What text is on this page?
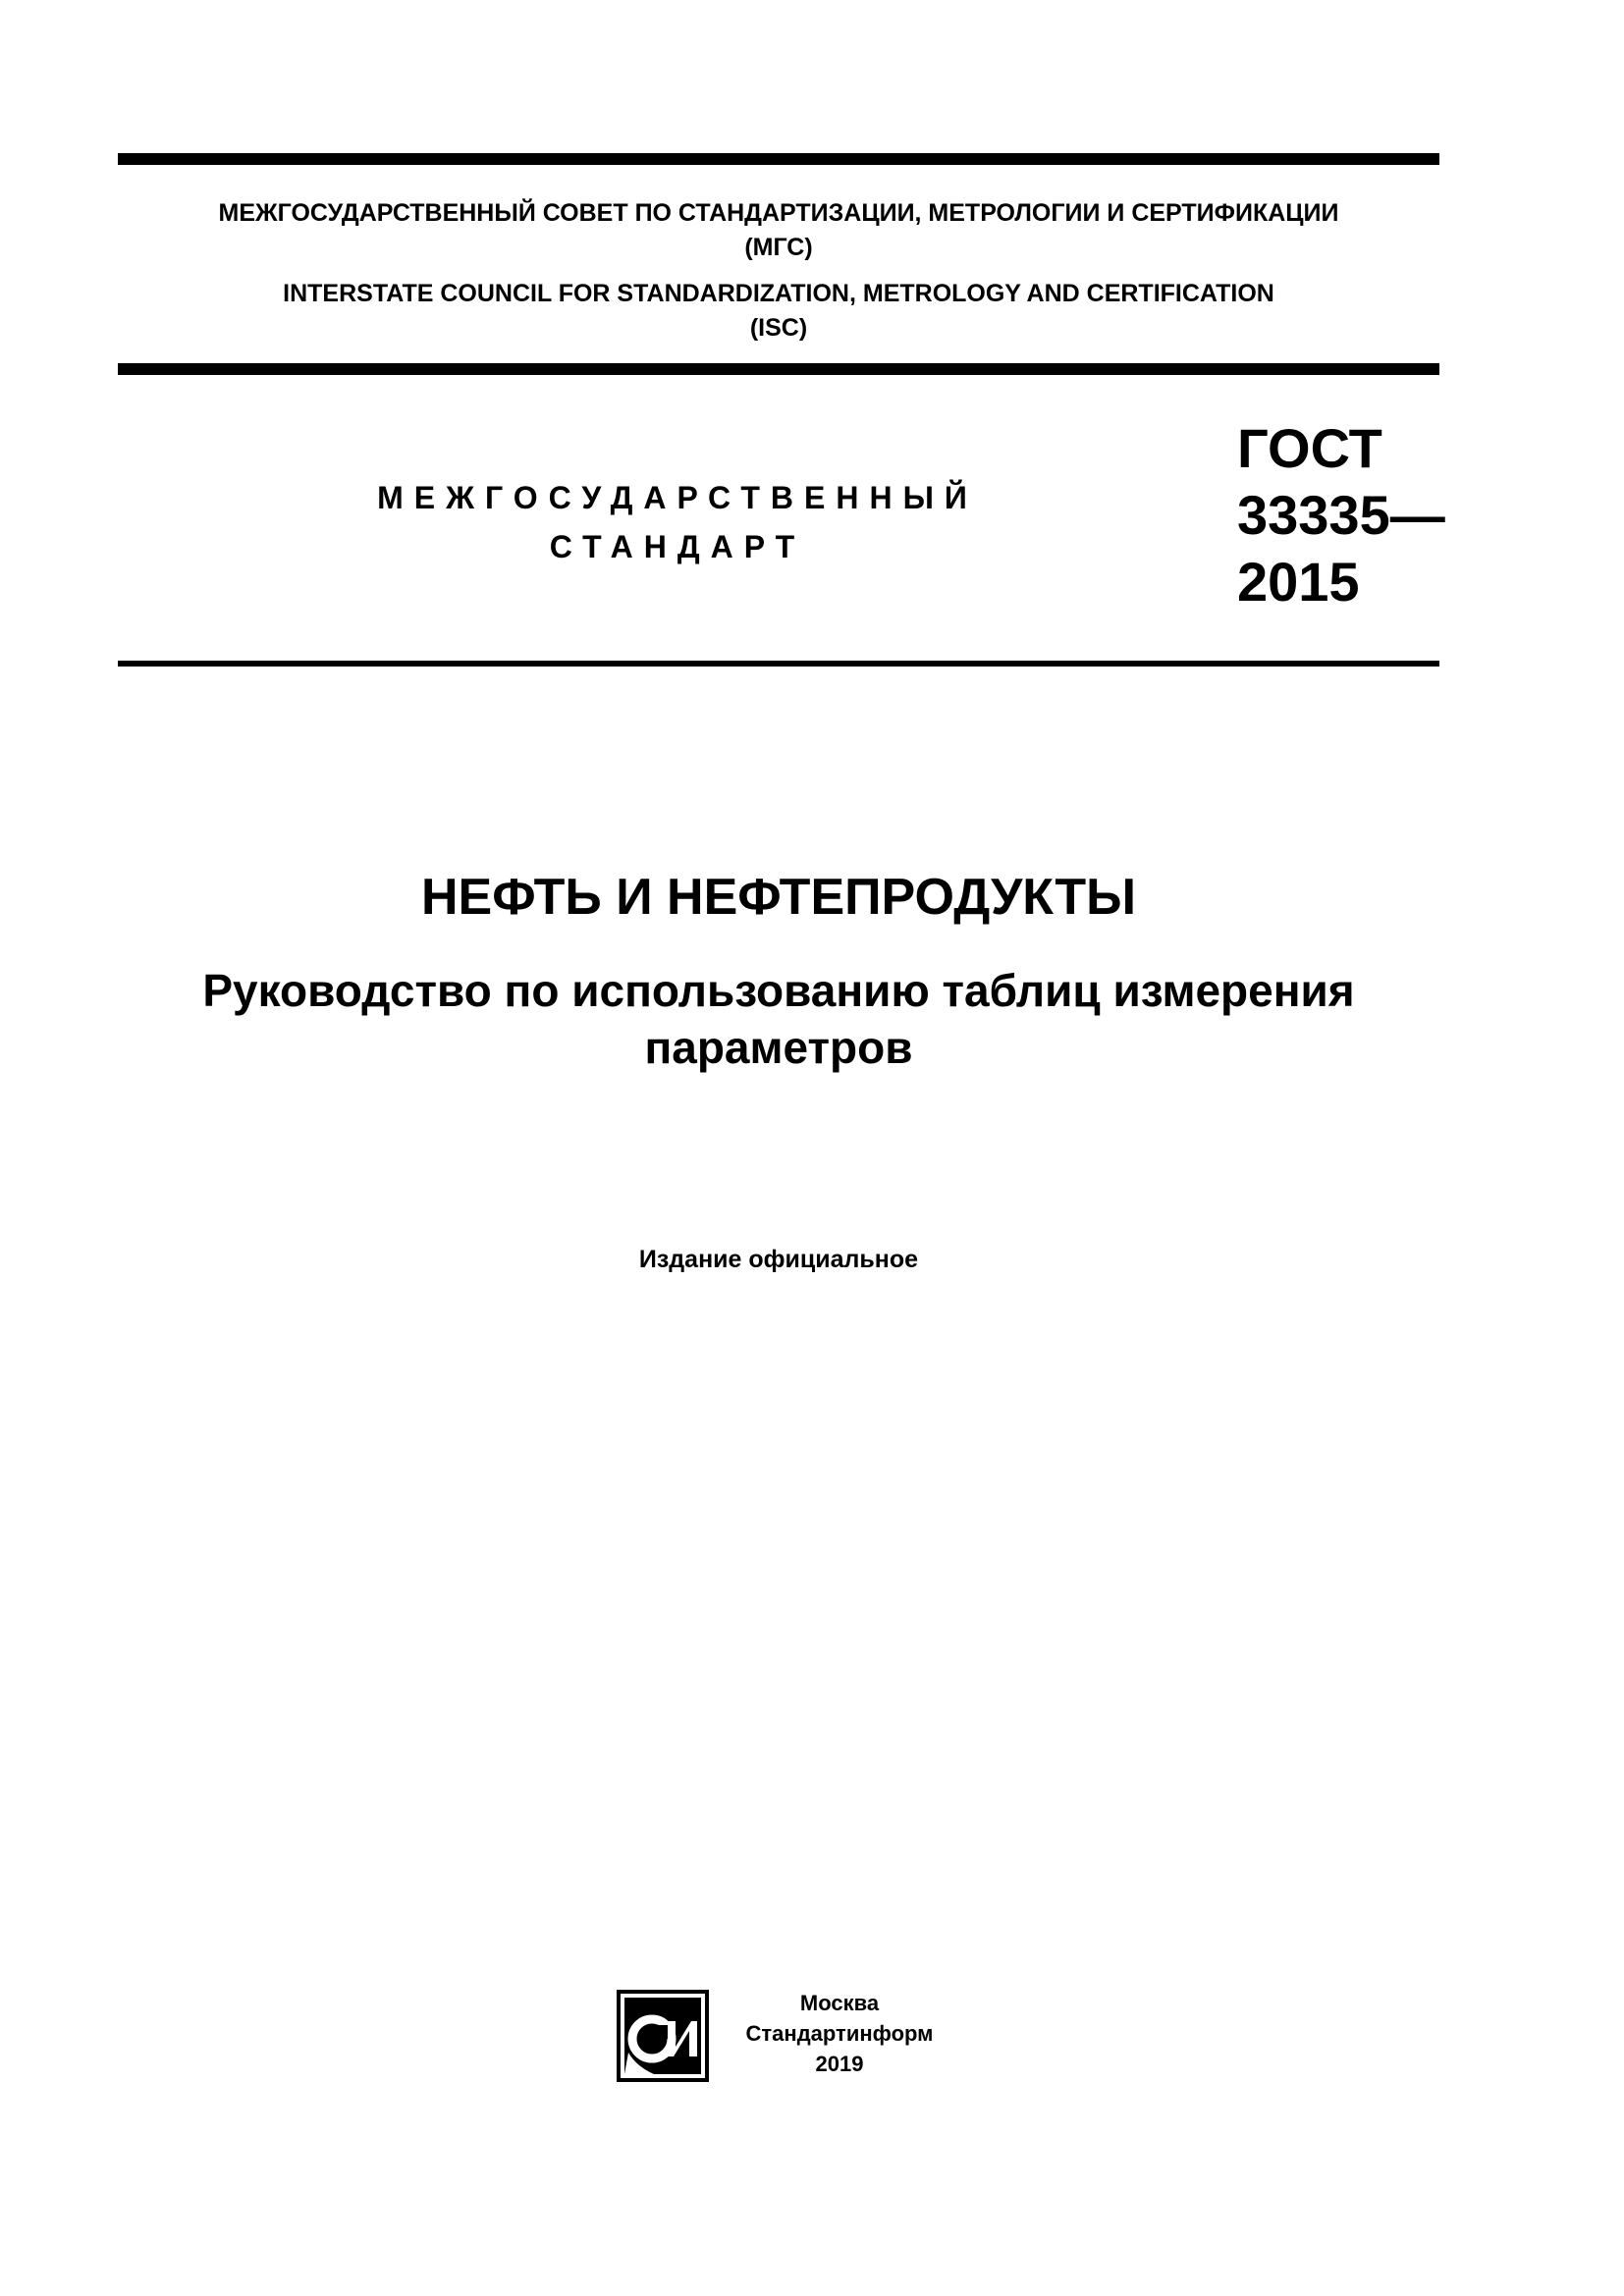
МЕЖГОСУДАРСТВЕННЫЙ СОВЕТ ПО СТАНДАРТИЗАЦИИ, МЕТРОЛОГИИ И СЕРТИФИКАЦИИ
(МГС)
INTERSTATE COUNCIL FOR STANDARDIZATION, METROLOGY AND CERTIFICATION
(ISC)
МЕЖГОСУДАРСТВЕННЫЙ
СТАНДАРТ
ГОСТ
33335—
2015
НЕФТЬ И НЕФТЕПРОДУКТЫ
Руководство по использованию таблиц измерения параметров
Издание официальное
Москва
Стандартинформ
2019
